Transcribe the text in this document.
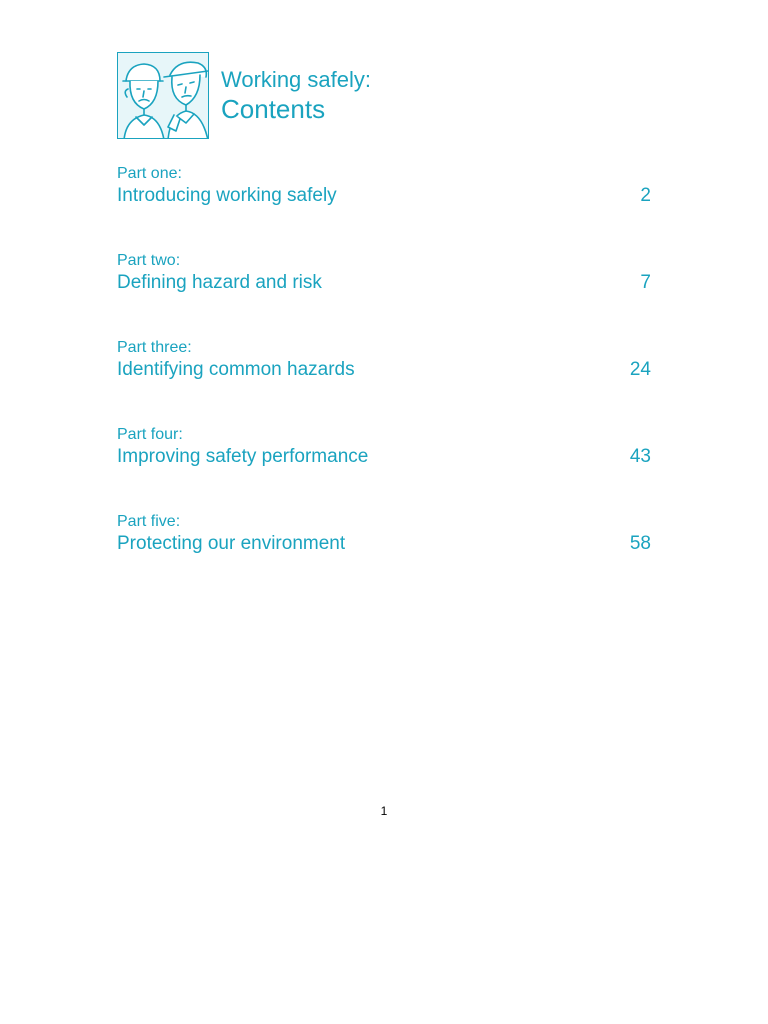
Working safely:
Contents
Part one:
Introducing working safely	2
Part two:
Defining hazard and risk	7
Part three:
Identifying common hazards	24
Part four:
Improving safety performance	43
Part five:
Protecting our environment	58
1
